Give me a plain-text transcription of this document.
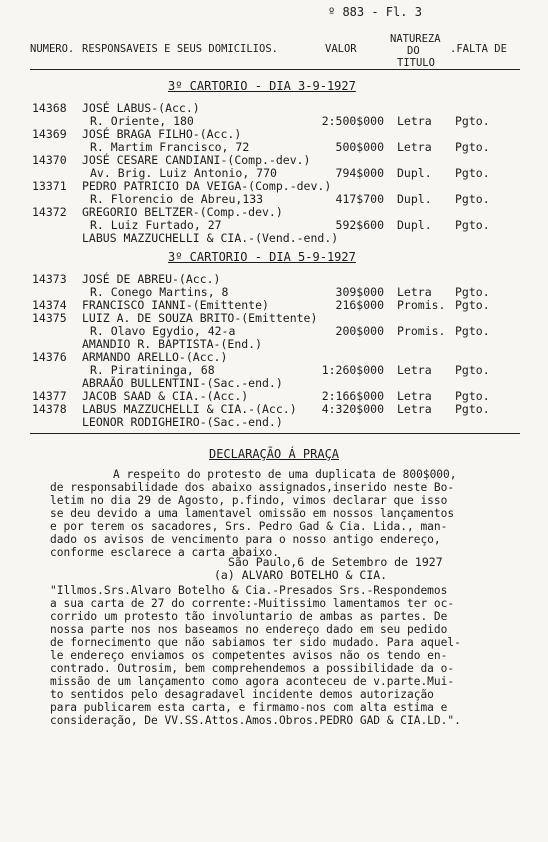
º 883 - Fl. 3
NUMERO. RESPONSAVEIS E SEUS DOMICILIOS.	VALOR
NATUREZA
DO
TITULO
.FALTA DE
3º CARTORIO - DIA 3-9-1927
14368 JOSÉ LABUS-(Acc.)
R. Oriente, 180	2:500$000 Letra Pgto.
14369 JOSÉ BRAGA FILHO-(Acc.)
R. Martim Francisco, 72	500$000 Letra Pgto.
14370 JOSÉ CESARE CANDIANI-(Comp.-dev.)
Av. Brig. Luiz Antonio, 770	794$000 Dupl. Pgto.
13371 PEDRO PATRICIO DA VEIGA-(Comp.-dev.)
R. Florencio de Abreu,133	417$700 Dupl. Pgto.
14372 GREGORIO BELTZER-(Comp.-dev.)
R. Luiz Furtado, 27	592$600 Dupl. Pgto.
LABUS MAZZUCHELLI & CIA.-(Vend.-end.)
3º CARTORIO - DIA 5-9-1927
14373 JOSÉ DE ABREU-(Acc.)
R. Conego Martins, 8	309$000 Letra Pgto.
14374 FRANCISCO IANNI-(Emittente)	216$000 Promis. Pgto.
14375 LUIZ A. DE SOUZA BRITO-(Emittente)
R. Olavo Egydio, 42-a	200$000 Promis. Pgto.
AMANDIO R. BAPTISTA-(End.)
14376 ARMANDO ARELLO-(Acc.)
R. Piratininga, 68	1:260$000 Letra Pgto.
ABRAÃO BULLENTINI-(Sac.-end.)
14377 JACOB SAAD & CIA.-(Acc.)	2:166$000 Letra Pgto.
14378 LABUS MAZZUCHELLI & CIA.-(Acc.)	4:320$000 Letra Pgto.
LEONOR RODIGHEIRO-(Sac.-end.)
DECLARAÇÃO Á PRAÇA
A respeito do protesto de uma duplicata de 800$000,
de responsabilidade dos abaixo assignados,inserido neste Bo-
letim no dia 29 de Agosto, p.findo, vimos declarar que isso
se deu devido a uma lamentavel omissão em nossos lançamentos
e por terem os sacadores, Srs. Pedro Gad & Cia. Lida., man-
dado os avisos de vencimento para o nosso antigo endereço,
conforme esclarece a carta abaixo.
São Paulo,6 de Setembro de 1927
(a) ALVARO BOTELHO & CIA.
"Illmos.Srs.Alvaro Botelho & Cia.-Presados Srs.-Respondemos
a sua carta de 27 do corrente:-Muitissimo lamentamos ter oc-
corrido um protesto tão involuntario de ambas as partes. De
nossa parte nos nos baseamos no endereço dado em seu pedido
de fornecimento que não sabiamos ter sido mudado. Para aquel-
le endereço enviamos os competentes avisos não os tendo en-
contrado. Outrosim, bem comprehendemos a possibilidade da o-
missão de um lançamento como agora aconteceu de v.parte.Mui-
to sentidos pelo desagradavel incidente demos autorização
para publicarem esta carta, e firmamo-nos com alta estima e
consideração, De VV.SS.Attos.Amos.Obros.PEDRO GAD & CIA.LD.".
